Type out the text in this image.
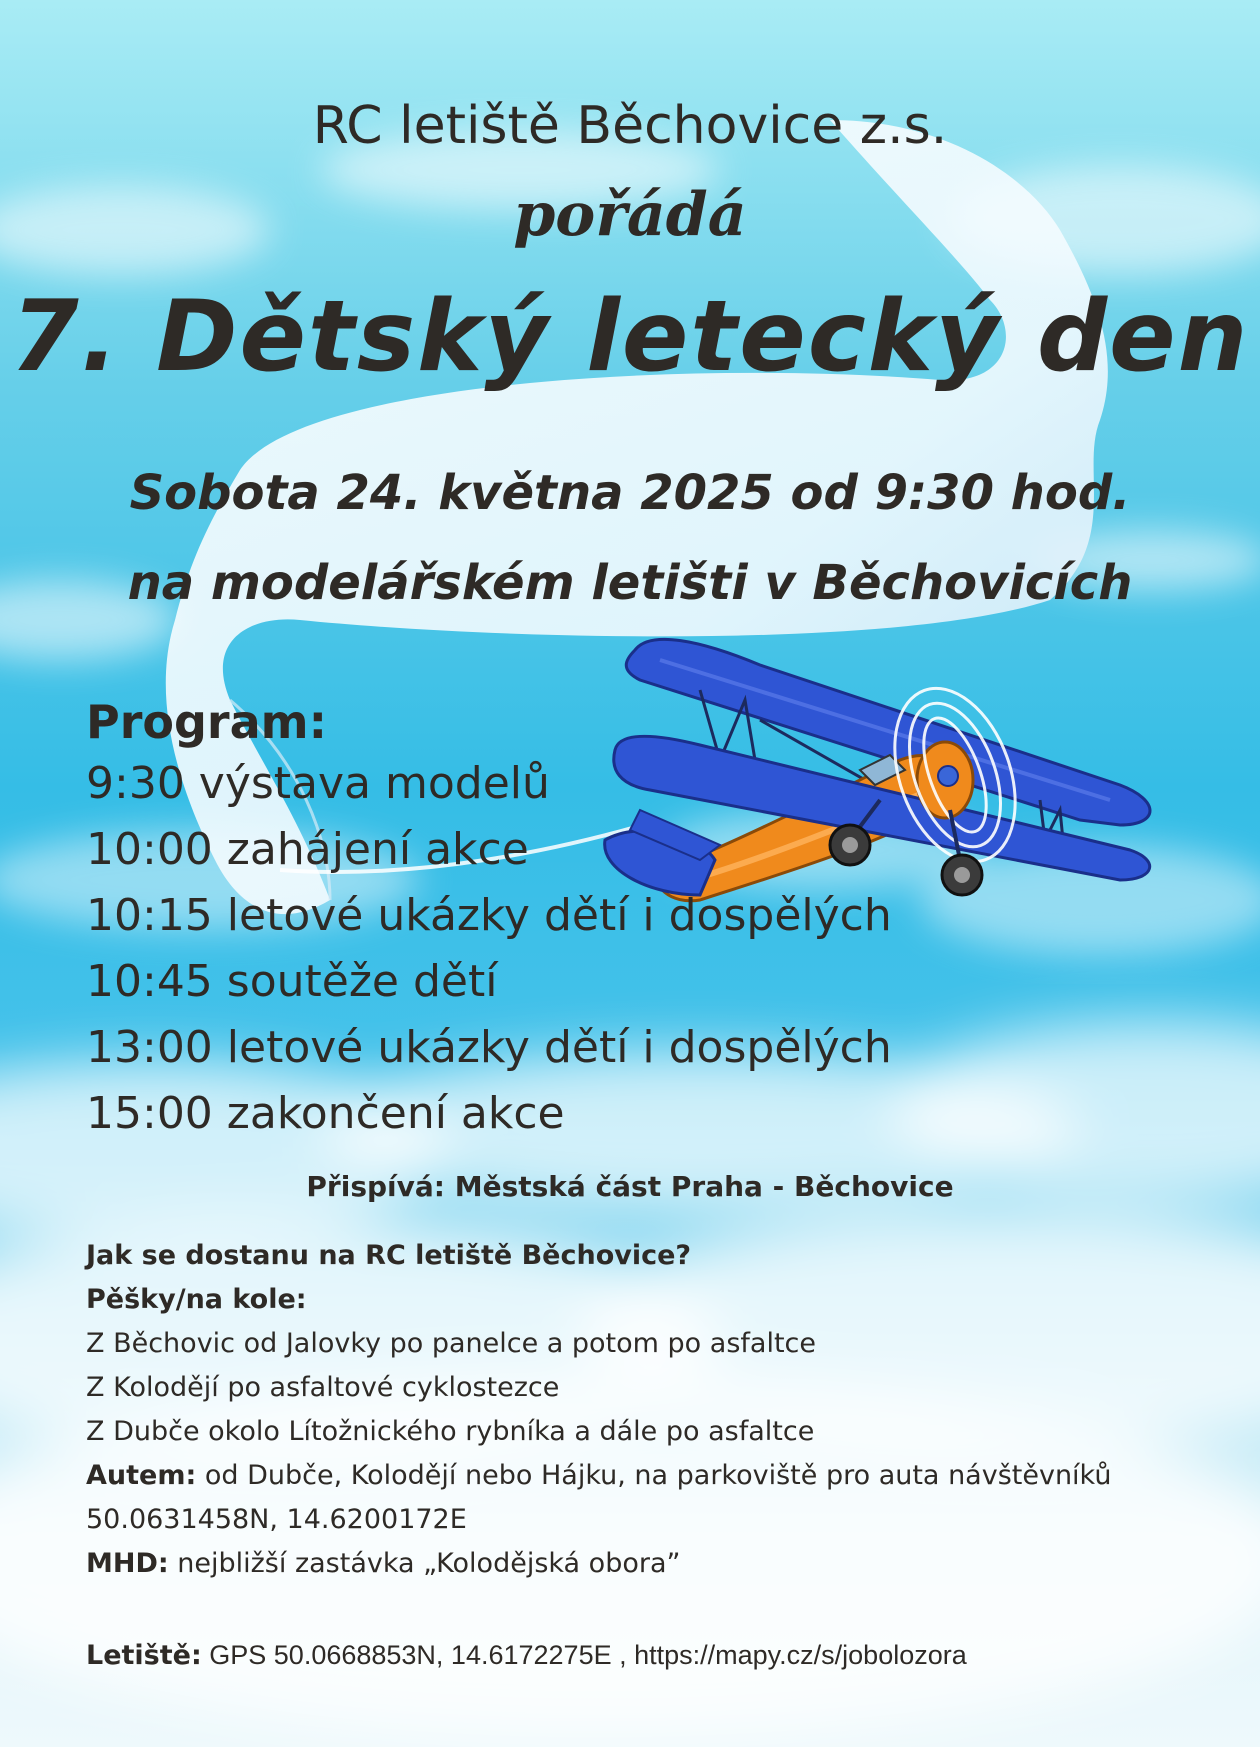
RC letiště Běchovice z.s.
pořádá
7. Dětský letecký den
Sobota 24. května 2025 od 9:30 hod.
na modelářském letišti v Běchovicích
Program:
9:30 výstava modelů
10:00 zahájení akce
10:15 letové ukázky dětí i dospělých
10:45 soutěže dětí
13:00 letové ukázky dětí i dospělých
15:00 zakončení akce
Přispívá: Městská část Praha - Běchovice
Jak se dostanu na RC letiště Běchovice?
Pěšky/na kole:
Z Běchovic od Jalovky po panelce a potom po asfaltce
Z Kolodějí po asfaltové cyklostezce
Z Dubče okolo Lítožnického rybníka a dále po asfaltce
Autem: od Dubče, Kolodějí nebo Hájku, na parkoviště pro auta návštěvníků
50.0631458N, 14.6200172E
MHD: nejbližší zastávka „Kolodějská obora”
Letiště: GPS 50.0668853N, 14.6172275E , https://mapy.cz/s/jobolozora
